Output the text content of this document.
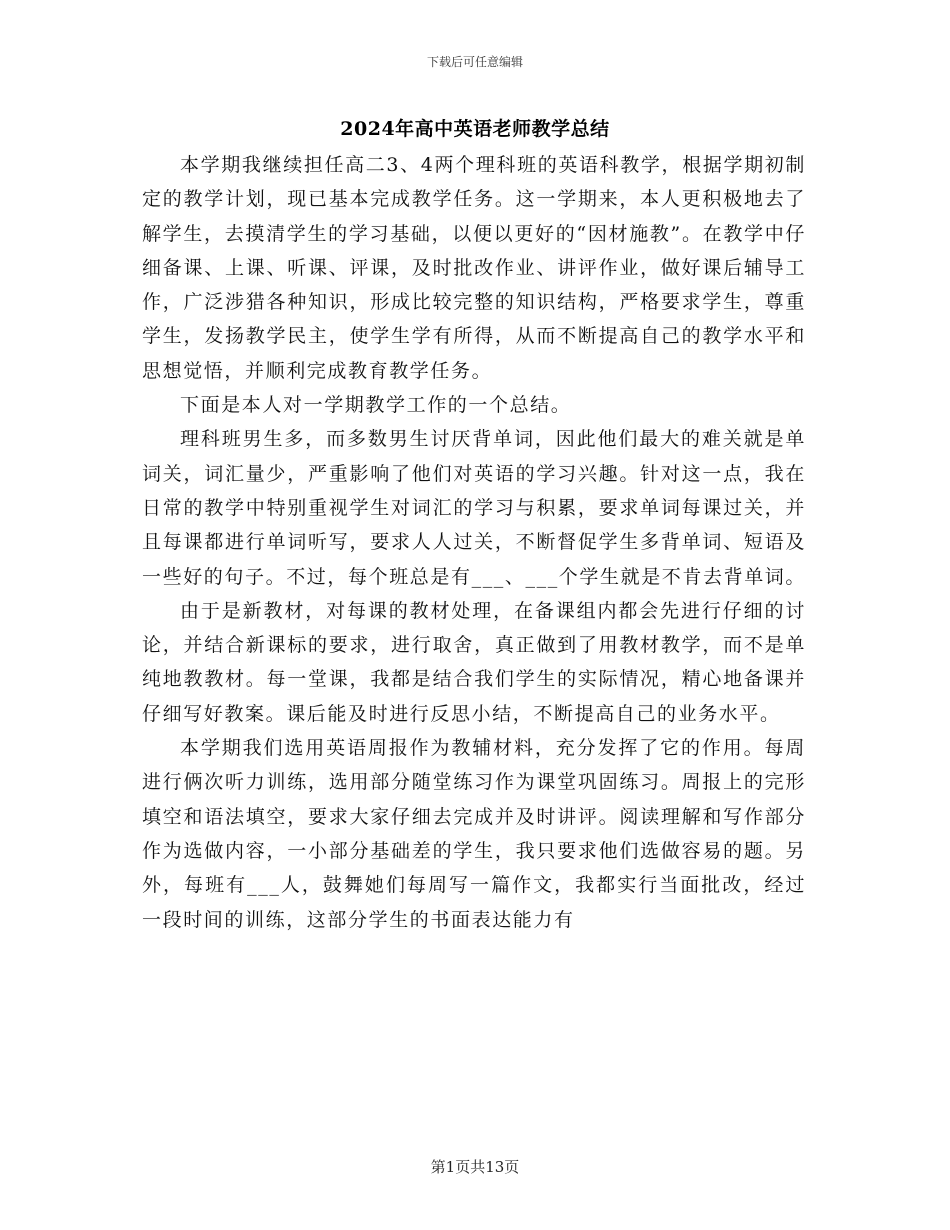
下载后可任意编辑
2024年高中英语老师教学总结

本学期我继续担任高二3、4两个理科班的英语科教学，根据学期初制定的教学计划，现已基本完成教学任务。这一学期来，本人更积极地去了解学生，去摸清学生的学习基础，以便以更好的“因材施教”。在教学中仔细备课、上课、听课、评课，及时批改作业、讲评作业，做好课后辅导工作，广泛涉猎各种知识，形成比较完整的知识结构，严格要求学生，尊重学生，发扬教学民主，使学生学有所得，从而不断提高自己的教学水平和思想觉悟，并顺利完成教育教学任务。

下面是本人对一学期教学工作的一个总结。

理科班男生多，而多数男生讨厌背单词，因此他们最大的难关就是单词关，词汇量少，严重影响了他们对英语的学习兴趣。针对这一点，我在日常的教学中特别重视学生对词汇的学习与积累，要求单词每课过关，并且每课都进行单词听写，要求人人过关，不断督促学生多背单词、短语及一些好的句子。不过，每个班总是有___、___个学生就是不肯去背单词。

由于是新教材，对每课的教材处理，在备课组内都会先进行仔细的讨论，并结合新课标的要求，进行取舍，真正做到了用教材教学，而不是单纯地教教材。每一堂课，我都是结合我们学生的实际情况，精心地备课并仔细写好教案。课后能及时进行反思小结，不断提高自己的业务水平。

本学期我们选用英语周报作为教辅材料，充分发挥了它的作用。每周进行俩次听力训练，选用部分随堂练习作为课堂巩固练习。周报上的完形填空和语法填空，要求大家仔细去完成并及时讲评。阅读理解和写作部分作为选做内容，一小部分基础差的学生，我只要求他们选做容易的题。另外，每班有___人，鼓舞她们每周写一篇作文，我都实行当面批改，经过一段时间的训练，这部分学生的书面表达能力有

第1页共13页
